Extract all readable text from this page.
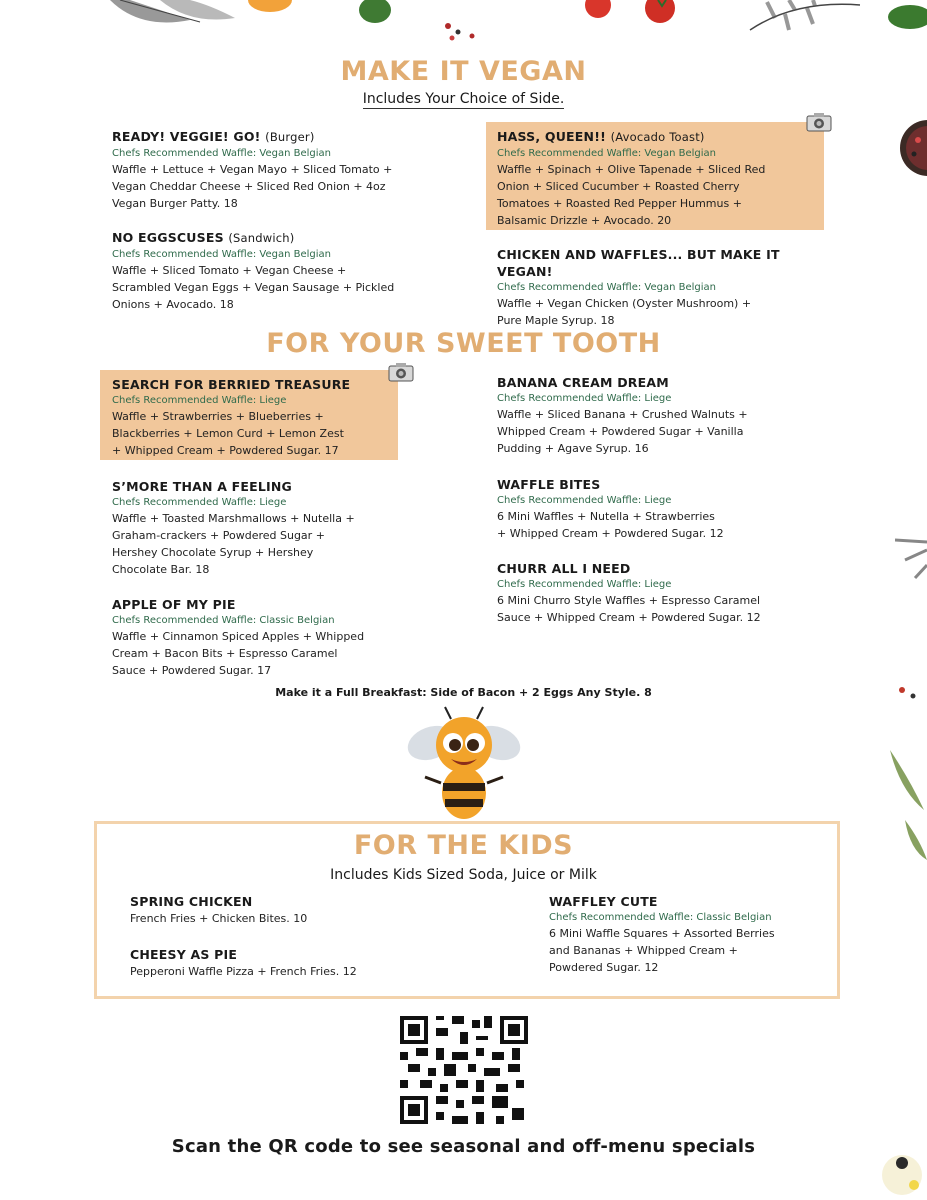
MAKE IT VEGAN
Includes Your Choice of Side.
READY! VEGGIE! GO! (Burger)
Chefs Recommended Waffle: Vegan Belgian
Waffle + Lettuce + Vegan Mayo + Sliced Tomato + Vegan Cheddar Cheese + Sliced Red Onion + 4oz Vegan Burger Patty. 18
HASS, QUEEN!! (Avocado Toast)
Chefs Recommended Waffle: Vegan Belgian
Waffle + Spinach + Olive Tapenade + Sliced Red Onion + Sliced Cucumber + Roasted Cherry Tomatoes + Roasted Red Pepper Hummus + Balsamic Drizzle + Avocado. 20
NO EGGSCUSES (Sandwich)
Chefs Recommended Waffle: Vegan Belgian
Waffle + Sliced Tomato + Vegan Cheese + Scrambled Vegan Eggs + Vegan Sausage + Pickled Onions + Avocado. 18
CHICKEN AND WAFFLES... BUT MAKE IT VEGAN!
Chefs Recommended Waffle: Vegan Belgian
Waffle + Vegan Chicken (Oyster Mushroom) + Pure Maple Syrup. 18
FOR YOUR SWEET TOOTH
SEARCH FOR BERRIED TREASURE
Chefs Recommended Waffle: Liege
Waffle + Strawberries + Blueberries + Blackberries + Lemon Curd + Lemon Zest + Whipped Cream + Powdered Sugar. 17
BANANA CREAM DREAM
Chefs Recommended Waffle: Liege
Waffle + Sliced Banana + Crushed Walnuts + Whipped Cream + Powdered Sugar + Vanilla Pudding + Agave Syrup. 16
S’MORE THAN A FEELING
Chefs Recommended Waffle: Liege
Waffle + Toasted Marshmallows + Nutella + Graham-crackers + Powdered Sugar + Hershey Chocolate Syrup + Hershey Chocolate Bar. 18
WAFFLE BITES
Chefs Recommended Waffle: Liege
6 Mini Waffles + Nutella + Strawberries + Whipped Cream + Powdered Sugar. 12
CHURR ALL I NEED
Chefs Recommended Waffle: Liege
6 Mini Churro Style Waffles + Espresso Caramel Sauce + Whipped Cream + Powdered Sugar. 12
APPLE OF MY PIE
Chefs Recommended Waffle: Classic Belgian
Waffle + Cinnamon Spiced Apples + Whipped Cream + Bacon Bits + Espresso Caramel Sauce + Powdered Sugar. 17
Make it a Full Breakfast: Side of Bacon + 2 Eggs Any Style. 8
FOR THE KIDS
Includes Kids Sized Soda, Juice or Milk
SPRING CHICKEN
French Fries + Chicken Bites. 10
WAFFLEY CUTE
Chefs Recommended Waffle: Classic Belgian
6 Mini Waffle Squares + Assorted Berries and Bananas + Whipped Cream + Powdered Sugar. 12
CHEESY AS PIE
Pepperoni Waffle Pizza + French Fries. 12
Scan the QR code to see seasonal and off-menu specials
